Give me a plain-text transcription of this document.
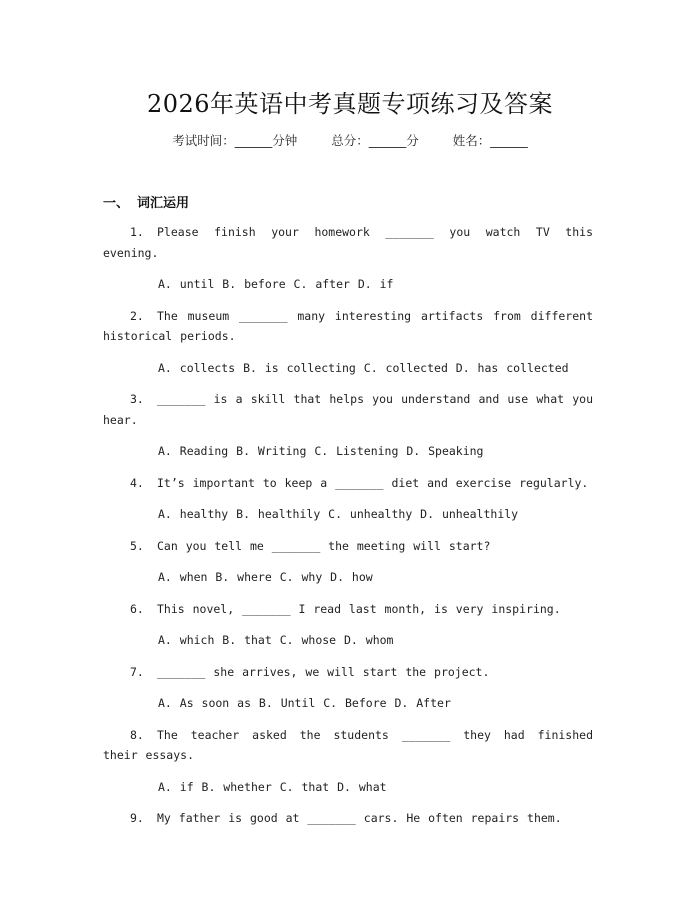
2026年英语中考真题专项练习及答案
考试时间：______分钟	总分：______分	姓名：______
一、 词汇运用
1. Please finish your homework _______ you watch TV this evening.
A. until B. before C. after D. if
2. The museum _______ many interesting artifacts from different historical periods.
A. collects B. is collecting C. collected D. has collected
3. _______ is a skill that helps you understand and use what you hear.
A. Reading B. Writing C. Listening D. Speaking
4. It’s important to keep a _______ diet and exercise regularly.
A. healthy B. healthily C. unhealthy D. unhealthily
5. Can you tell me _______ the meeting will start?
A. when B. where C. why D. how
6. This novel, _______ I read last month, is very inspiring.
A. which B. that C. whose D. whom
7. _______ she arrives, we will start the project.
A. As soon as B. Until C. Before D. After
8. The teacher asked the students _______ they had finished their essays.
A. if B. whether C. that D. what
9. My father is good at _______ cars. He often repairs them.
